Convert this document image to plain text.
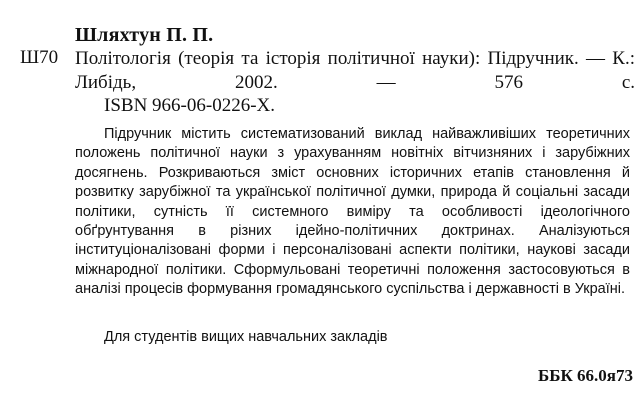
Шляхтун П. П.
Ш70 Політологія (теорія та історія політичної науки): Підручник. — К.: Либідь, 2002. — 576 с.
ISBN 966-06-0226-Х.
Підручник містить систематизований виклад найважливіших теоретичних положень політичної науки з урахуванням новітніх вітчизняних і зарубіжних досягнень. Розкриваються зміст основних історичних етапів становлення й розвитку зарубіжної та української політичної думки, природа й соціальні засади політики, сутність її системного виміру та особливості ідеологічного обґрунтування в різних ідейно-політичних доктринах. Аналізуються інституціоналізовані форми і персоналізовані аспекти політики, наукові засади міжнародної політики. Сформульовані теоретичні положення застосовуються в аналізі процесів формування громадянського суспільства і державності в Україні.
Для студентів вищих навчальних закладів
ББК 66.0я73
